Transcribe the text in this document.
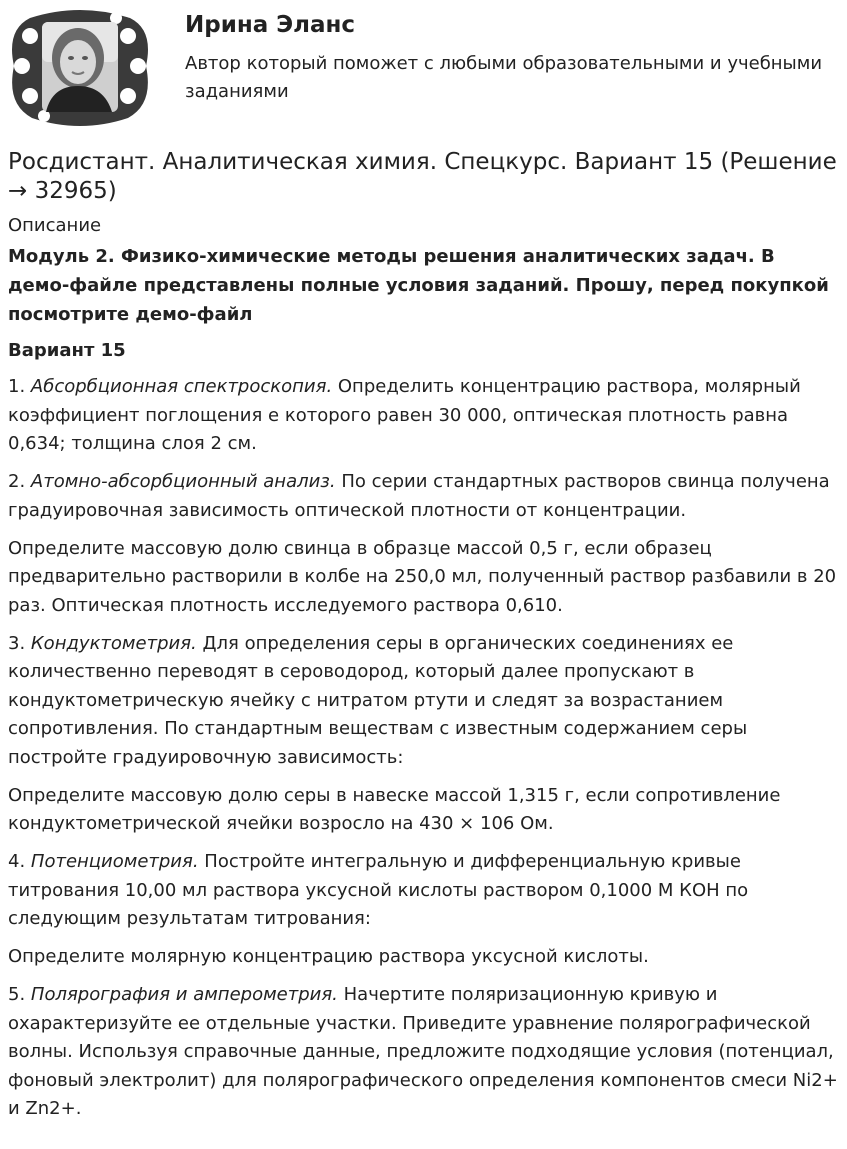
Ирина Эланс

Автор который поможет с любыми образовательными и учебными заданиями

Росдистант. Аналитическая химия. Спецкурс. Вариант 15 (Решение → 32965)
Описание

Модуль 2. Физико-химические методы решения аналитических задач. В демо-файле представлены полные условия заданий. Прошу, перед покупкой посмотрите демо-файл

Вариант 15

1. Абсорбционная спектроскопия. Определить концентрацию раствора, молярный коэффициент поглощения е которого равен 30 000, оптическая плотность равна 0,634; толщина слоя 2 см.

2. Атомно-абсорбционный анализ. По серии стандартных растворов свинца получена градуировочная зависимость оптической плотности от концентрации.

Определите массовую долю свинца в образце массой 0,5 г, если образец предварительно растворили в колбе на 250,0 мл, полученный раствор разбавили в 20 раз. Оптическая плотность исследуемого раствора 0,610.

3. Кондуктометрия. Для определения серы в органических соединениях ее количественно переводят в сероводород, который далее пропускают в кондуктометрическую ячейку с нитратом ртути и следят за возрастанием сопротивления. По стандартным веществам с известным содержанием серы постройте градуировочную зависимость:

Определите массовую долю серы в навеске массой 1,315 г, если сопротивление кондуктометрической ячейки возросло на 430 × 106 Ом.

4. Потенциометрия. Постройте интегральную и дифференциальную кривые титрования 10,00 мл раствора уксусной кислоты раствором 0,1000 М КОН по следующим результатам титрования:

Определите молярную концентрацию раствора уксусной кислоты.

5. Полярография и амперометрия. Начертите поляризационную кривую и охарактеризуйте ее отдельные участки. Приведите уравнение полярографической волны. Используя справочные данные, предложите подходящие условия (потенциал, фоновый электролит) для полярографического определения компонентов смеси Ni2+ и Zn2+.
